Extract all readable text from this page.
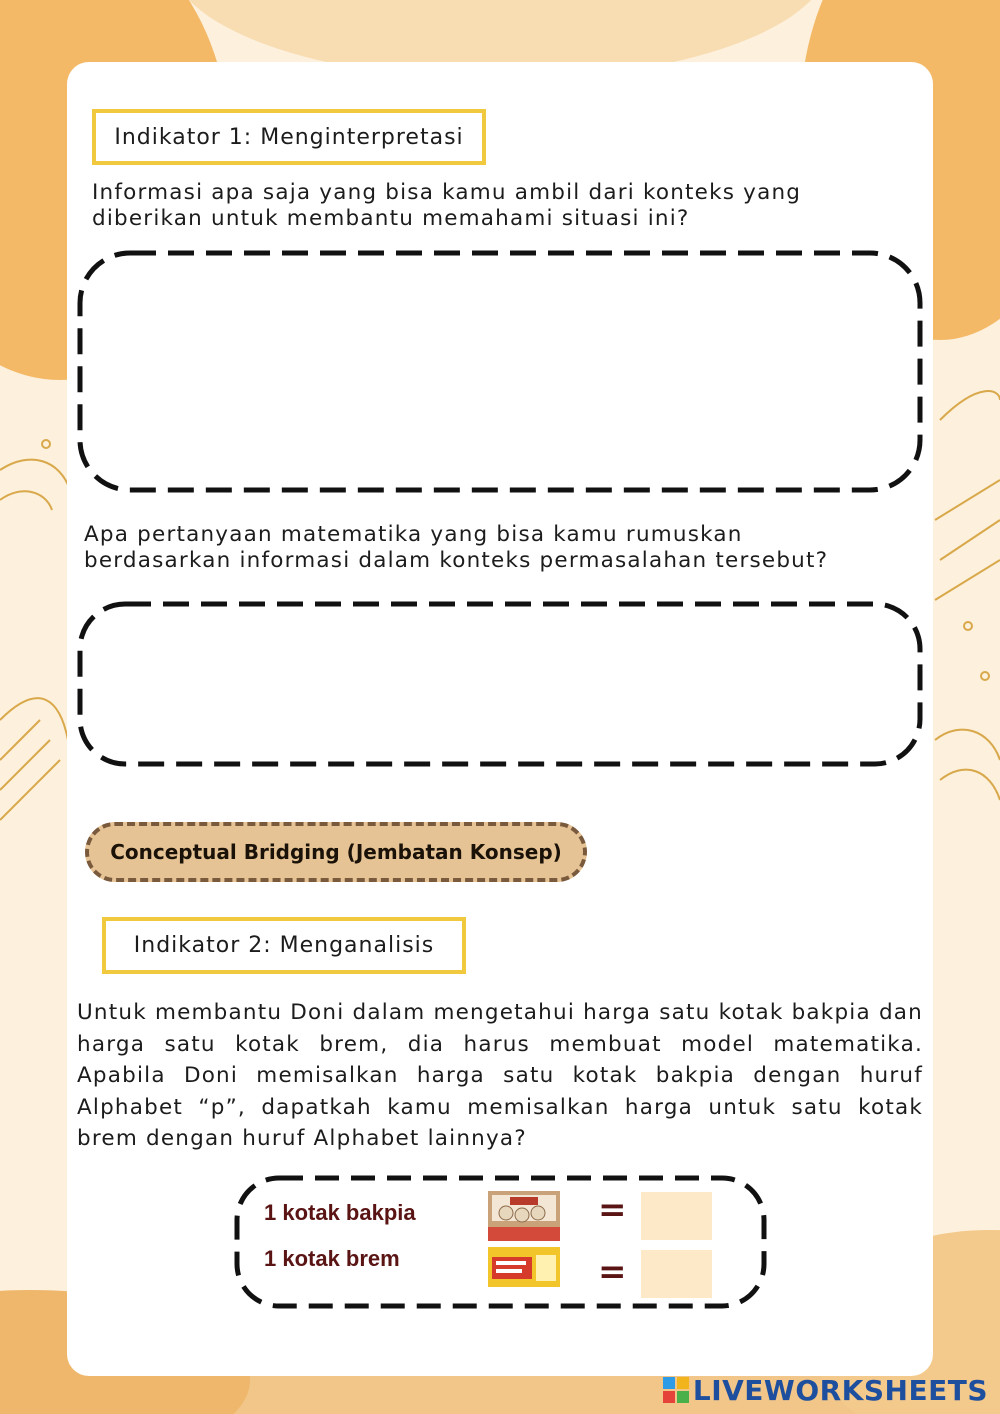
Indikator 1: Menginterpretasi
Informasi apa saja yang bisa kamu ambil dari konteks yang diberikan untuk membantu memahami situasi ini?
Apa pertanyaan matematika yang bisa kamu rumuskan berdasarkan informasi dalam konteks permasalahan tersebut?
Conceptual Bridging (Jembatan Konsep)
Indikator 2: Menganalisis
Untuk membantu Doni dalam mengetahui harga satu kotak bakpia dan harga satu kotak brem, dia harus membuat model matematika. Apabila Doni memisalkan harga satu kotak bakpia dengan huruf Alphabet “p”, dapatkah kamu memisalkan harga untuk satu kotak brem dengan huruf Alphabet lainnya?
1 kotak bakpia
1 kotak brem
=
=
LIVEWORKSHEETS
